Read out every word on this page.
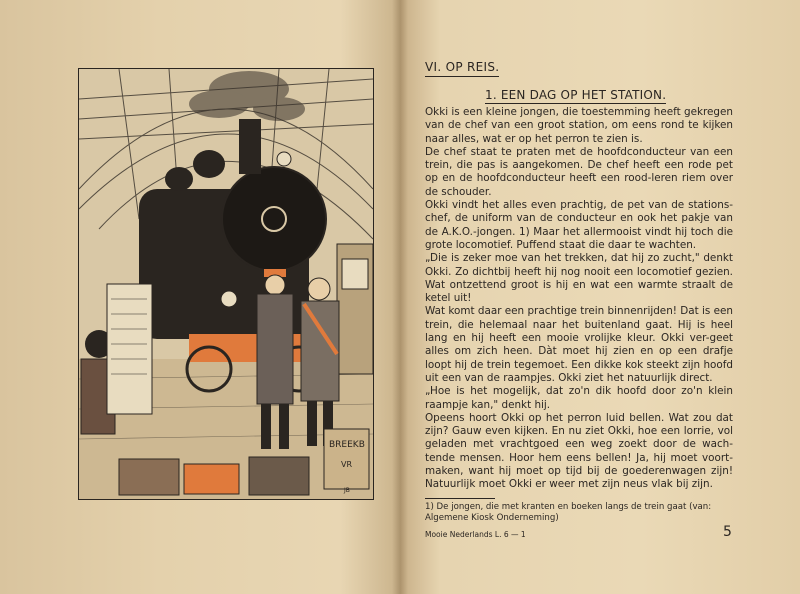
BREEKB
VR
JB
VI. OP REIS.
1. EEN DAG OP HET STATION.

Okki is een kleine jongen, die toestemming heeft gekregen van de chef van een groot station, om eens rond te kijken naar alles, wat er op het perron te zien is.

De chef staat te praten met de hoofdconducteur van een trein, die pas is aangekomen. De chef heeft een rode pet op en de hoofdconducteur heeft een rood-leren riem over de schouder.

Okki vindt het alles even prachtig, de pet van de stations-chef, de uniform van de conducteur en ook het pakje van de A.K.O.-jongen. 1) Maar het allermooist vindt hij toch die grote locomotief. Puffend staat die daar te wachten.

„Die is zeker moe van het trekken, dat hij zo zucht," denkt Okki. Zo dichtbij heeft hij nog nooit een locomotief gezien. Wat ontzettend groot is hij en wat een warmte straalt de ketel uit!

Wat komt daar een prachtige trein binnenrijden! Dat is een trein, die helemaal naar het buitenland gaat. Hij is heel lang en hij heeft een mooie vrolijke kleur. Okki ver-geet alles om zich heen. Dàt moet hij zien en op een drafje loopt hij de trein tegemoet. Een dikke kok steekt zijn hoofd uit een van de raampjes. Okki ziet het natuurlijk direct.

„Hoe is het mogelijk, dat zo'n dik hoofd door zo'n klein raampje kan," denkt hij.

Opeens hoort Okki op het perron luid bellen. Wat zou dat zijn? Gauw even kijken. En nu ziet Okki, hoe een lorrie, vol geladen met vrachtgoed een weg zoekt door de wach-tende mensen. Hoor hem eens bellen! Ja, hij moet voort-maken, want hij moet op tijd bij de goederenwagen zijn! Natuurlijk moet Okki er weer met zijn neus vlak bij zijn.

1) De jongen, die met kranten en boeken langs de trein gaat (van: Algemene Kiosk Onderneming)
Mooie Nederlands L. 6 — 1	5
